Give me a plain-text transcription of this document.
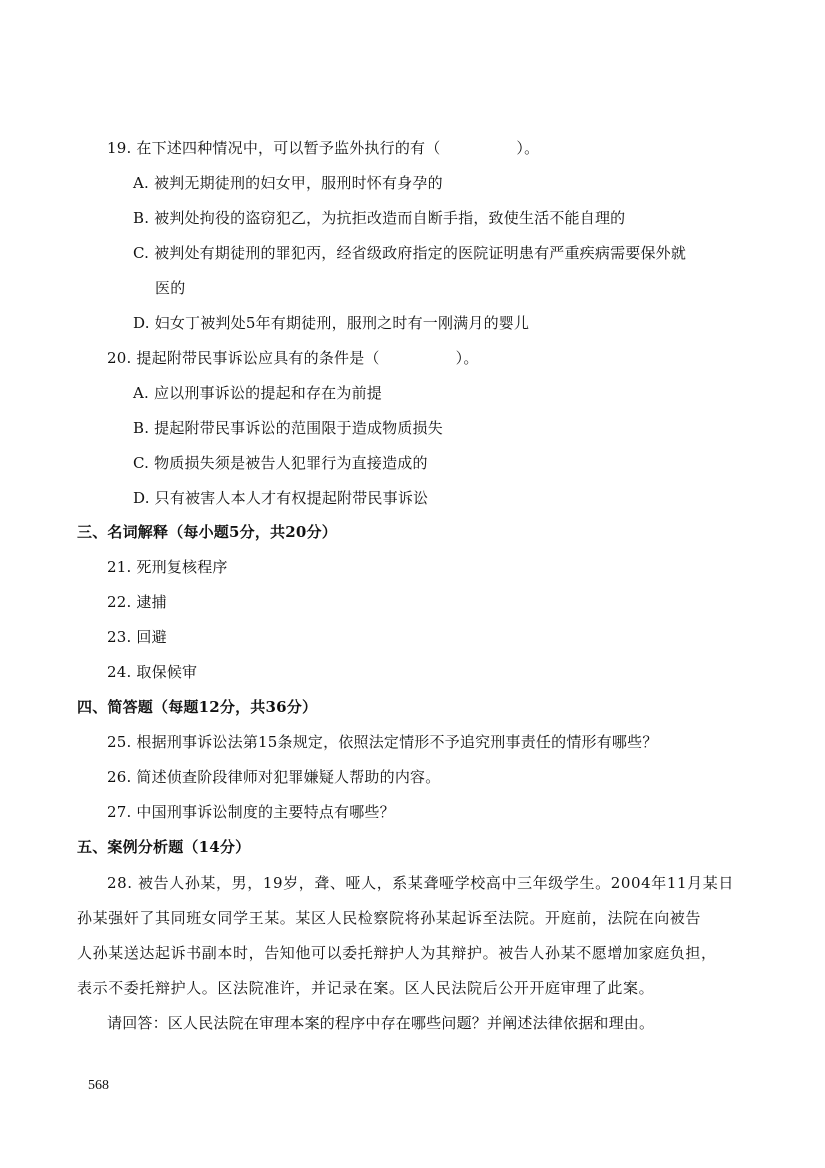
19. 在下述四种情况中，可以暂予监外执行的有（　　　　　）。
A. 被判无期徒刑的妇女甲，服刑时怀有身孕的
B. 被判处拘役的盗窃犯乙，为抗拒改造而自断手指，致使生活不能自理的
C. 被判处有期徒刑的罪犯丙，经省级政府指定的医院证明患有严重疾病需要保外就
医的
D. 妇女丁被判处5年有期徒刑，服刑之时有一刚满月的婴儿
20. 提起附带民事诉讼应具有的条件是（　　　　　）。
A. 应以刑事诉讼的提起和存在为前提
B. 提起附带民事诉讼的范围限于造成物质损失
C. 物质损失须是被告人犯罪行为直接造成的
D. 只有被害人本人才有权提起附带民事诉讼
三、名词解释（每小题5分，共20分）
21. 死刑复核程序
22. 逮捕
23. 回避
24. 取保候审
四、简答题（每题12分，共36分）
25. 根据刑事诉讼法第15条规定，依照法定情形不予追究刑事责任的情形有哪些？
26. 简述侦查阶段律师对犯罪嫌疑人帮助的内容。
27. 中国刑事诉讼制度的主要特点有哪些？
五、案例分析题（14分）
28. 被告人孙某，男，19岁，聋、哑人，系某聋哑学校高中三年级学生。2004年11月某日
孙某强奸了其同班女同学王某。某区人民检察院将孙某起诉至法院。开庭前，法院在向被告
人孙某送达起诉书副本时，告知他可以委托辩护人为其辩护。被告人孙某不愿增加家庭负担，
表示不委托辩护人。区法院准许，并记录在案。区人民法院后公开开庭审理了此案。
请回答：区人民法院在审理本案的程序中存在哪些问题？并阐述法律依据和理由。
568
